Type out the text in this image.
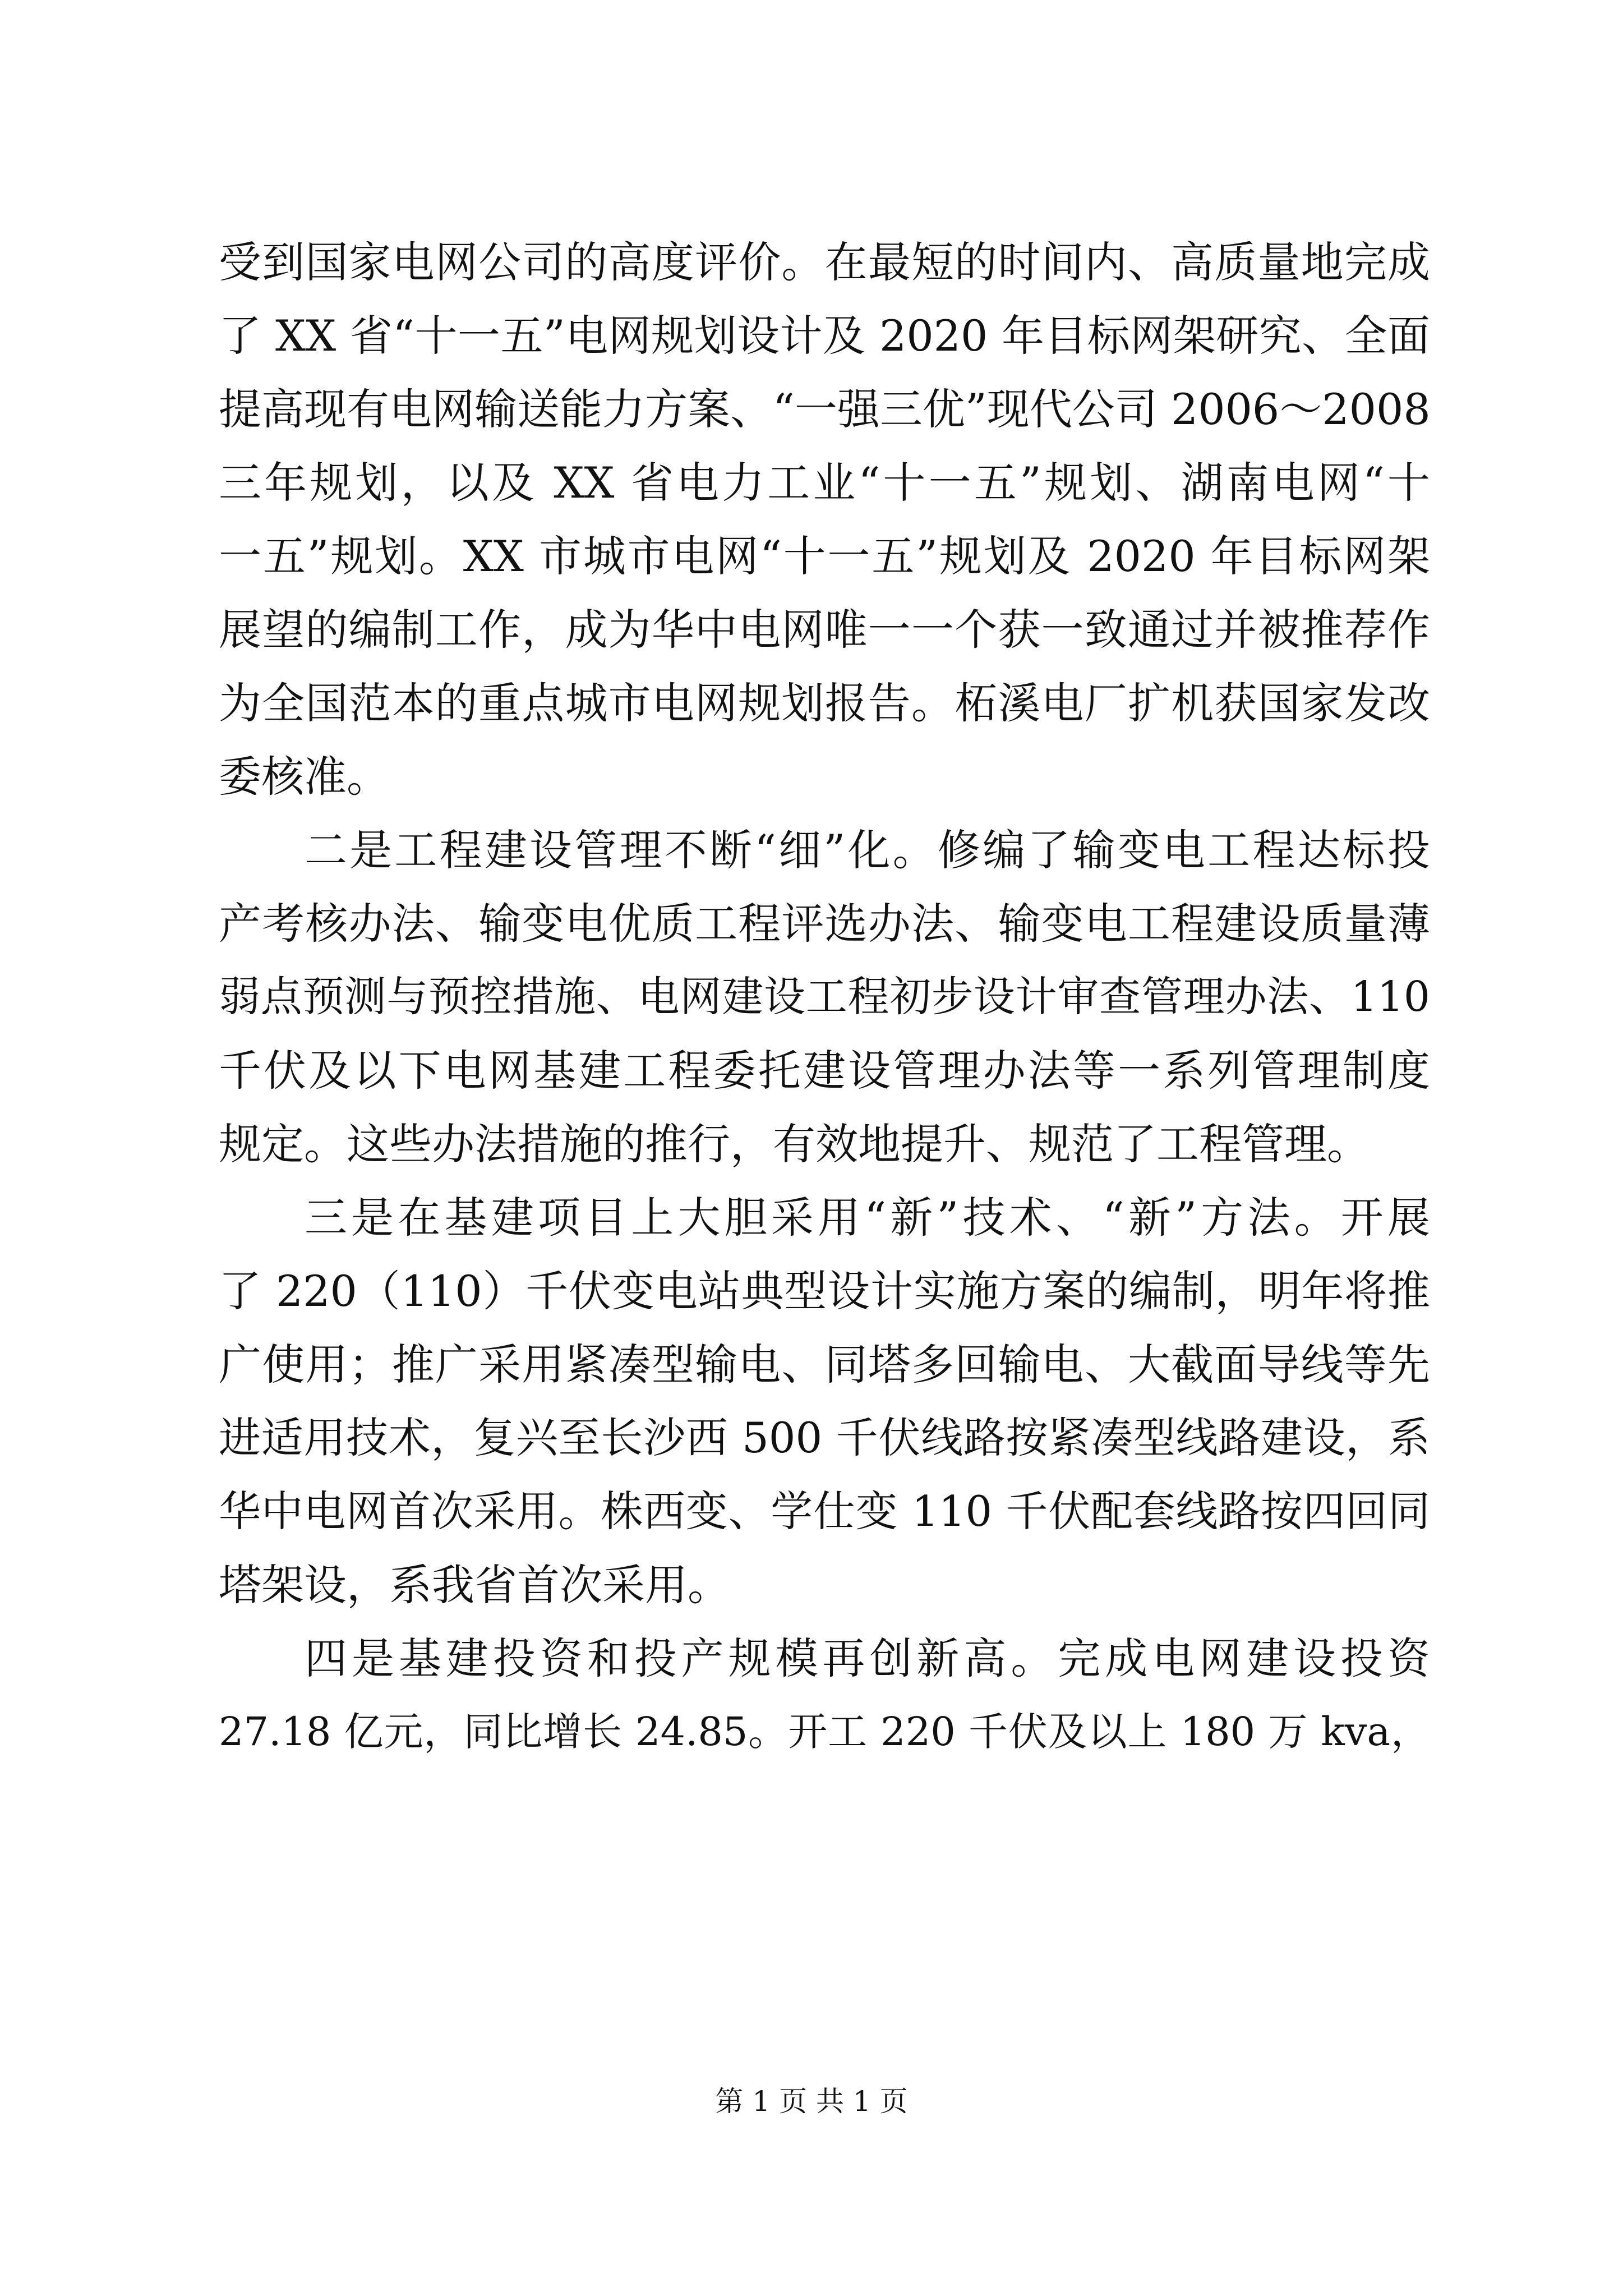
受到国家电网公司的高度评价。在最短的时间内、高质量地完成
了 XX 省“十一五”电网规划设计及 2020 年目标网架研究、全面
提高现有电网输送能力方案、“一强三优”现代公司 2006～2008
三年规划，以及 XX 省电力工业“十一五”规划、湖南电网“十
一五”规划。XX 市城市电网“十一五”规划及 2020 年目标网架
展望的编制工作，成为华中电网唯一一个获一致通过并被推荐作
为全国范本的重点城市电网规划报告。柘溪电厂扩机获国家发改
委核准。
二是工程建设管理不断“细”化。修编了输变电工程达标投
产考核办法、输变电优质工程评选办法、输变电工程建设质量薄
弱点预测与预控措施、电网建设工程初步设计审查管理办法、110
千伏及以下电网基建工程委托建设管理办法等一系列管理制度
规定。这些办法措施的推行，有效地提升、规范了工程管理。
三是在基建项目上大胆采用“新”技术、“新”方法。开展
了 220（110）千伏变电站典型设计实施方案的编制，明年将推
广使用；推广采用紧凑型输电、同塔多回输电、大截面导线等先
进适用技术，复兴至长沙西 500 千伏线路按紧凑型线路建设，系
华中电网首次采用。株西变、学仕变 110 千伏配套线路按四回同
塔架设，系我省首次采用。
四是基建投资和投产规模再创新高。完成电网建设投资
27.18 亿元，同比增长 24.85。开工 220 千伏及以上 180 万 kva，
第 1 页 共 1 页
